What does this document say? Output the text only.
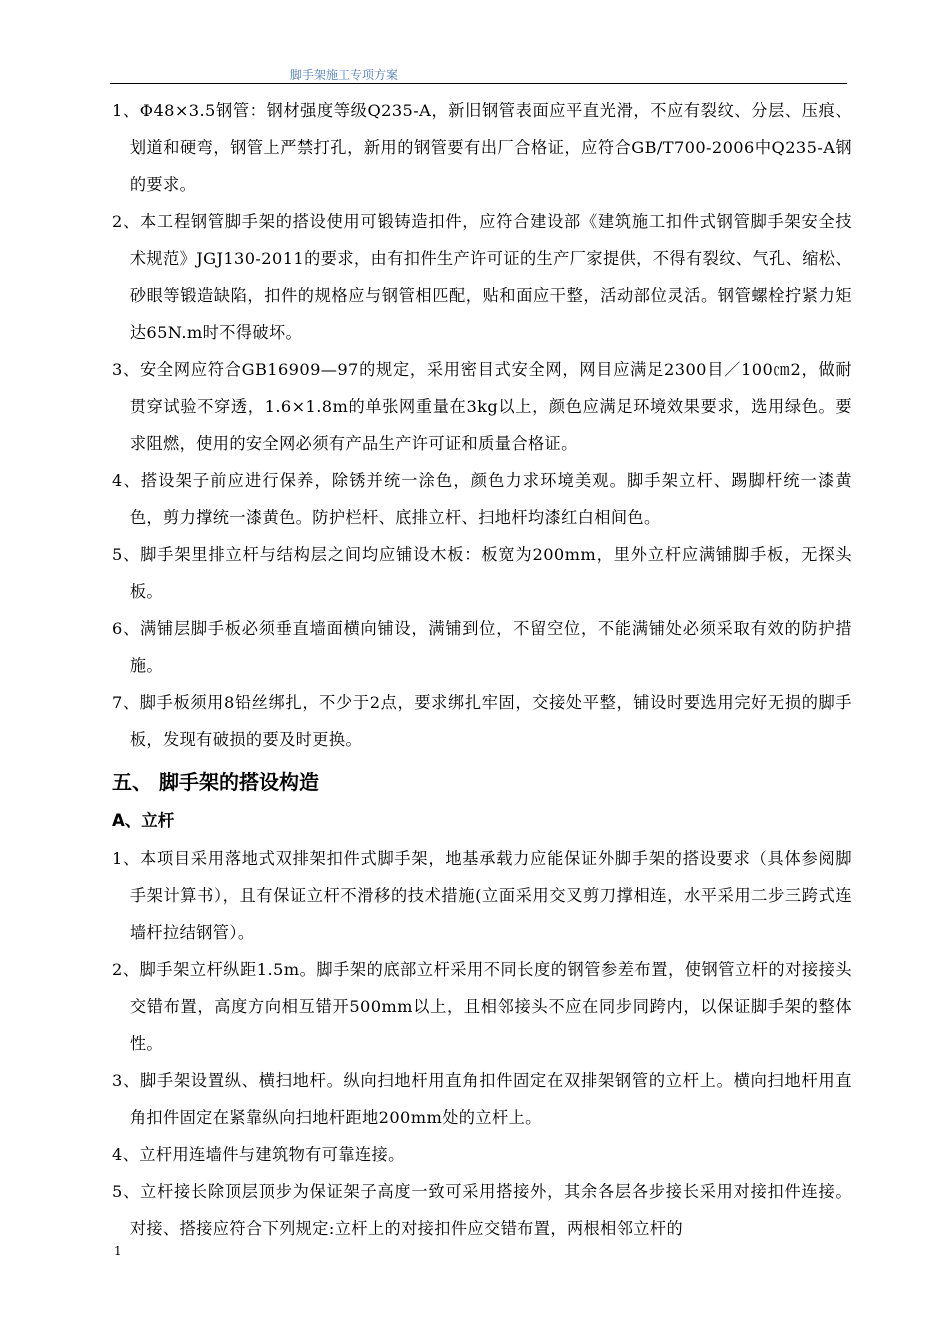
脚手架施工专项方案

1、Φ48×3.5钢管：钢材强度等级Q235-A，新旧钢管表面应平直光滑，不应有裂纹、分层、压痕、划道和硬弯，钢管上严禁打孔，新用的钢管要有出厂合格证，应符合GB/T700-2006中Q235-A钢的要求。

2、本工程钢管脚手架的搭设使用可锻铸造扣件，应符合建设部《建筑施工扣件式钢管脚手架安全技术规范》JGJ130-2011的要求，由有扣件生产许可证的生产厂家提供，不得有裂纹、气孔、缩松、砂眼等锻造缺陷，扣件的规格应与钢管相匹配，贴和面应干整，活动部位灵活。钢管螺栓拧紧力矩达65N.m时不得破坏。

3、安全网应符合GB16909—97的规定，采用密目式安全网，网目应满足2300目／100㎝2，做耐贯穿试验不穿透，1.6×1.8m的单张网重量在3kg以上，颜色应满足环境效果要求，选用绿色。要求阻燃，使用的安全网必须有产品生产许可证和质量合格证。

4、搭设架子前应进行保养，除锈并统一涂色，颜色力求环境美观。脚手架立杆、踢脚杆统一漆黄色，剪力撑统一漆黄色。防护栏杆、底排立杆、扫地杆均漆红白相间色。

5、脚手架里排立杆与结构层之间均应铺设木板：板宽为200mm，里外立杆应满铺脚手板，无探头板。

6、满铺层脚手板必须垂直墙面横向铺设，满铺到位，不留空位，不能满铺处必须采取有效的防护措施。

7、脚手板须用8铅丝绑扎，不少于2点，要求绑扎牢固，交接处平整，铺设时要选用完好无损的脚手板，发现有破损的要及时更换。

五、 脚手架的搭设构造
A、立杆

1、本项目采用落地式双排架扣件式脚手架，地基承载力应能保证外脚手架的搭设要求（具体参阅脚手架计算书），且有保证立杆不滑移的技术措施(立面采用交叉剪刀撑相连，水平采用二步三跨式连墙杆拉结钢管）。

2、脚手架立杆纵距1.5m。脚手架的底部立杆采用不同长度的钢管参差布置，使钢管立杆的对接接头交错布置，高度方向相互错开500mm以上，且相邻接头不应在同步同跨内，以保证脚手架的整体性。

3、脚手架设置纵、横扫地杆。纵向扫地杆用直角扣件固定在双排架钢管的立杆上。横向扫地杆用直角扣件固定在紧靠纵向扫地杆距地200mm处的立杆上。

4、立杆用连墙件与建筑物有可靠连接。

5、立杆接长除顶层顶步为保证架子高度一致可采用搭接外，其余各层各步接长采用对接扣件连接。对接、搭接应符合下列规定:立杆上的对接扣件应交错布置，两根相邻立杆的

1
